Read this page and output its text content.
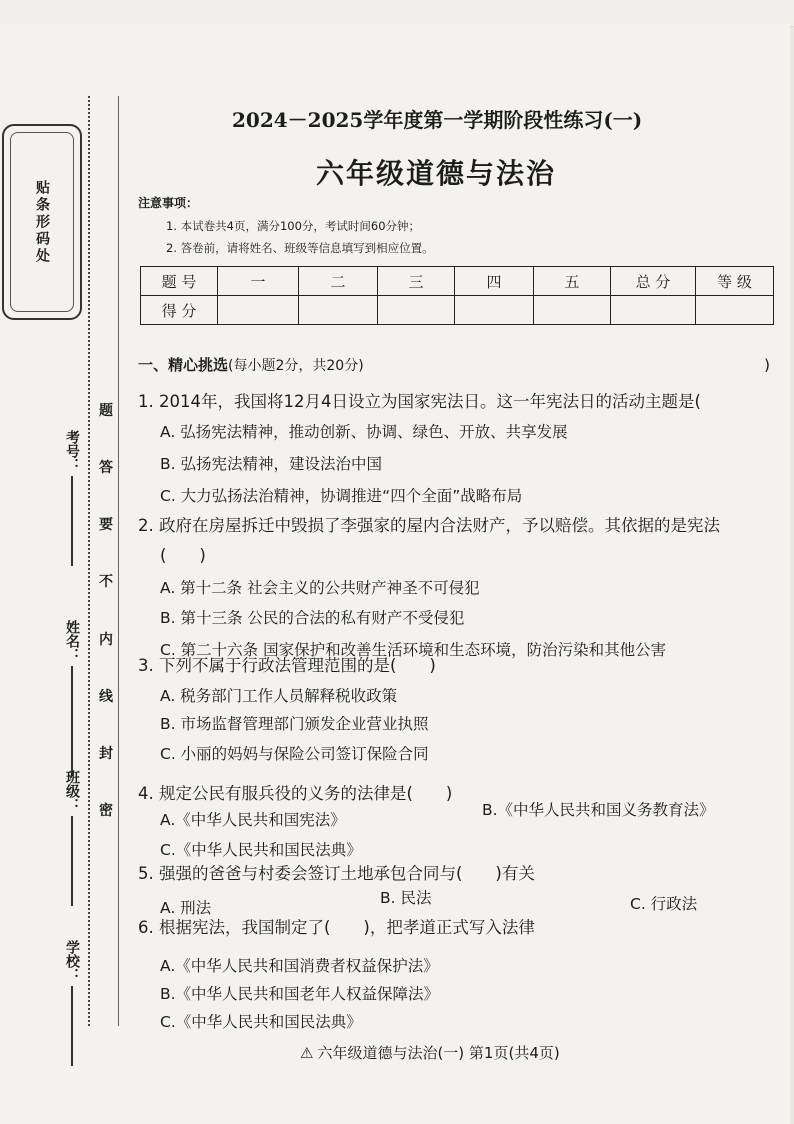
贴条形码处
考号：
姓名：
班级：
学校：
密
封
线
内
不
要
答
题
2024－2025学年度第一学期阶段性练习(一)
六年级道德与法治
注意事项：
1. 本试卷共4页，满分100分，考试时间60分钟；
2. 答卷前，请将姓名、班级等信息填写到相应位置。
题 号	一	二	三	四	五	总 分	等 级
得 分							
一、精心挑选(每小题2分，共20分)	)
1. 2014年，我国将12月4日设立为国家宪法日。这一年宪法日的活动主题是(
A. 弘扬宪法精神，推动创新、协调、绿色、开放、共享发展
B. 弘扬宪法精神，建设法治中国
C. 大力弘扬法治精神，协调推进“四个全面”战略布局
2. 政府在房屋拆迁中毁损了李强家的屋内合法财产，予以赔偿。其依据的是宪法
(　　)
A. 第十二条 社会主义的公共财产神圣不可侵犯
B. 第十三条 公民的合法的私有财产不受侵犯
C. 第二十六条 国家保护和改善生活环境和生态环境，防治污染和其他公害
3. 下列不属于行政法管理范围的是(　　)
A. 税务部门工作人员解释税收政策
B. 市场监督管理部门颁发企业营业执照
C. 小丽的妈妈与保险公司签订保险合同
4. 规定公民有服兵役的义务的法律是(　　)
A.《中华人民共和国宪法》
B.《中华人民共和国义务教育法》
C.《中华人民共和国民法典》
5. 强强的爸爸与村委会签订土地承包合同与(　　)有关
A. 刑法
B. 民法	C. 行政法
6. 根据宪法，我国制定了(　　)，把孝道正式写入法律
A.《中华人民共和国消费者权益保护法》
B.《中华人民共和国老年人权益保障法》
C.《中华人民共和国民法典》
⚠ 六年级道德与法治(一) 第1页(共4页)
